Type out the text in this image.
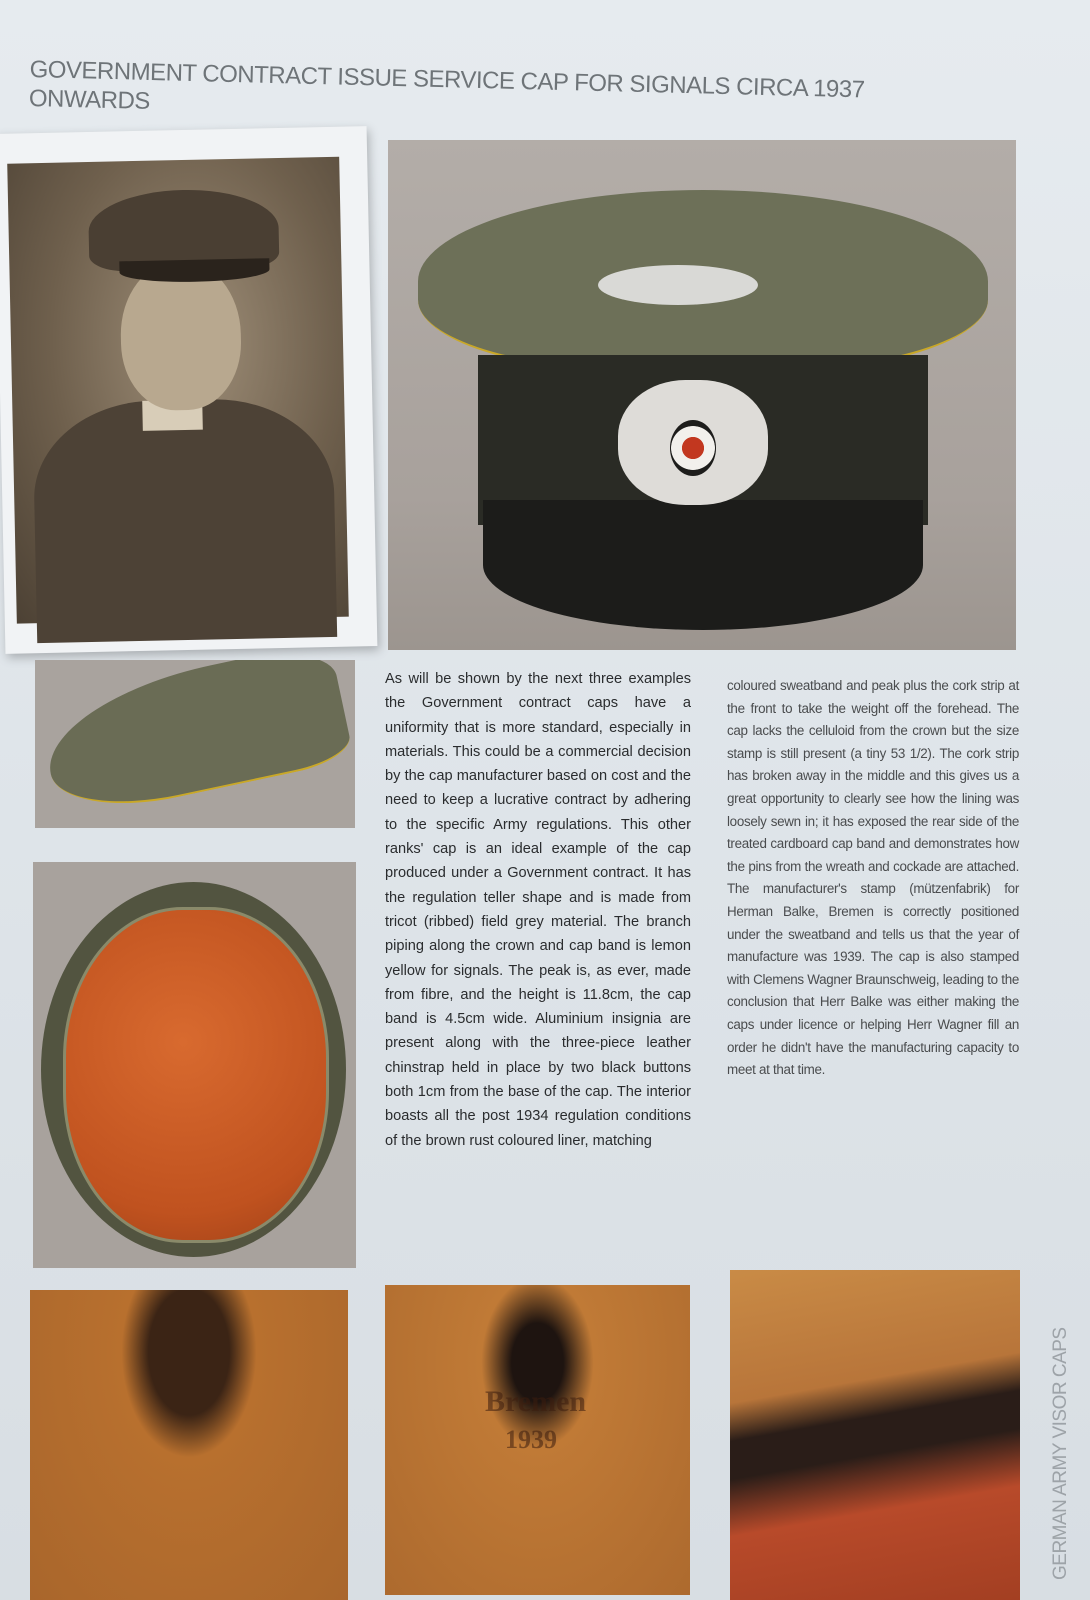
GOVERNMENT CONTRACT ISSUE SERVICE CAP FOR SIGNALS CIRCA 1937 ONWARDS
As will be shown by the next three examples the Government contract caps have a uniformity that is more standard, especially in materials. This could be a commercial decision by the cap manufacturer based on cost and the need to keep a lucrative contract by adhering to the specific Army regulations. This other ranks' cap is an ideal example of the cap produced under a Government contract. It has the regulation teller shape and is made from tricot (ribbed) field grey material. The branch piping along the crown and cap band is lemon yellow for signals. The peak is, as ever, made from fibre, and the height is 11.8cm, the cap band is 4.5cm wide. Aluminium insignia are present along with the three-piece leather chinstrap held in place by two black buttons both 1cm from the base of the cap. The interior boasts all the post 1934 regulation conditions of the brown rust coloured liner, matching
coloured sweatband and peak plus the cork strip at the front to take the weight off the forehead. The cap lacks the celluloid from the crown but the size stamp is still present (a tiny 53 1/2). The cork strip has broken away in the middle and this gives us a great opportunity to clearly see how the lining was loosely sewn in; it has exposed the rear side of the treated cardboard cap band and demonstrates how the pins from the wreath and cockade are attached. The manufacturer's stamp (mützenfabrik) for Herman Balke, Bremen is correctly positioned under the sweatband and tells us that the year of manufacture was 1939. The cap is also stamped with Clemens Wagner Braunschweig, leading to the conclusion that Herr Balke was either making the caps under licence or helping Herr Wagner fill an order he didn't have the manufacturing capacity to meet at that time.
Bremen
1939	GERMAN ARMY VISOR CAPS
